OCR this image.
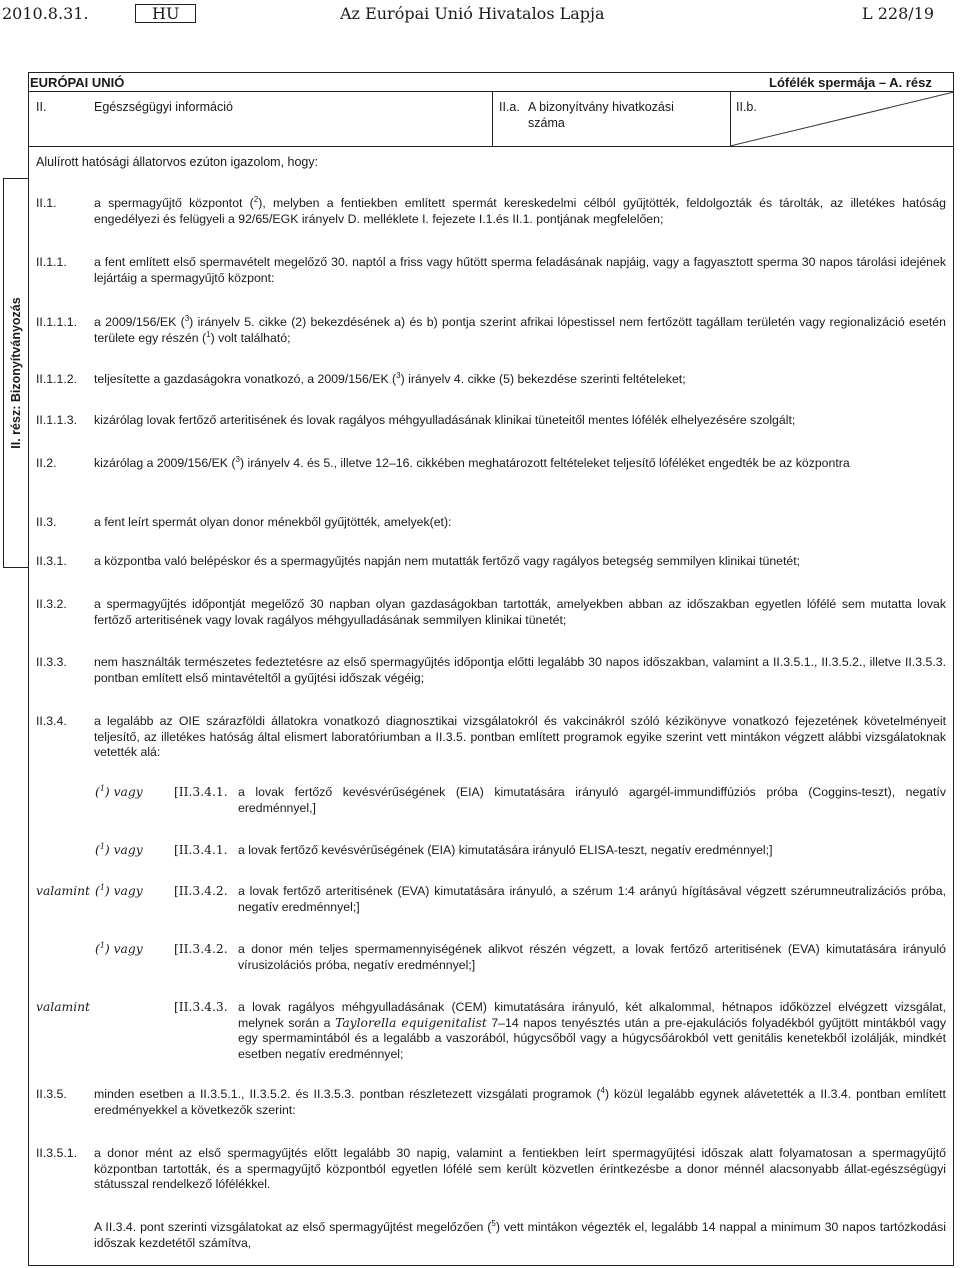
2010.8.31.	HU	Az Európai Unió Hivatalos Lapja	L 228/19
EURÓPAI UNIÓ	Lófélék spermája – A. rész
II.	Egészségügyi információ	II.a. A bizonyítvány hivatkozási
száma
II.b.
Alulírott hatósági állatorvos ezúton igazolom, hogy:
II. rész: Bizonyítványozás
II.1.	a spermagyűjtő központot ($^2$), melyben a fentiekben említett spermát kereskedelmi célból gyűjtötték, feldolgozták és tárolták, az illetékes hatóság engedélyezi és felügyeli a 92/65/EGK irányelv D. melléklete I. fejezete I.1.és II.1. pontjának megfelelően;
II.1.1. a fent említett első spermavételt megelőző 30. naptól a friss vagy hűtött sperma feladásának napjáig, vagy a fagyasztott sperma 30 napos tárolási idejének lejártáig a spermagyűjtő központ:
II.1.1.1. a 2009/156/EK ($^3$) irányelv 5. cikke (2) bekezdésének a) és b) pontja szerint afrikai lópestissel nem fertőzött tagállam területén vagy regionalizáció esetén területe egy részén ($^1$) volt található;
II.1.1.2. teljesítette a gazdaságokra vonatkozó, a 2009/156/EK ($^3$) irányelv 4. cikke (5) bekezdése szerinti feltételeket;
II.1.1.3. kizárólag lovak fertőző arteritisének és lovak ragályos méhgyulladásának klinikai tüneteitől mentes lófélék elhelyezésére szolgált;
II.2.	kizárólag a 2009/156/EK ($^3$) irányelv 4. és 5., illetve 12–16. cikkében meghatározott feltételeket teljesítő lóféléket engedték be az központra
II.3.	a fent leírt spermát olyan donor ménekből gyűjtötték, amelyek(et):
II.3.1. a központba való belépéskor és a spermagyűjtés napján nem mutatták fertőző vagy ragályos betegség semmilyen klinikai tünetét;
II.3.2. a spermagyűjtés időpontját megelőző 30 napban olyan gazdaságokban tartották, amelyekben abban az időszakban egyetlen lófélé sem mutatta lovak fertőző arteritisének vagy lovak ragályos méhgyulladásának semmilyen klinikai tünetét;
II.3.3. nem használták természetes fedeztetésre az első spermagyűjtés időpontja előtti legalább 30 napos időszakban, valamint a II.3.5.1., II.3.5.2., illetve II.3.5.3. pontban említett első mintavételtől a gyűjtési időszak végéig;
II.3.4. a legalább az OIE szárazföldi állatokra vonatkozó diagnosztikai vizsgálatokról és vakcinákról szóló kézikönyve vonatkozó fejezetének követelményeit teljesítő, az illetékes hatóság által elismert laboratóriumban a II.3.5. pontban említett programok egyike szerint vett mintákon végzett alábbi vizsgálatoknak vetették alá:
($^1$) vagy	[II.3.4.1. a lovak fertőző kevésvérűségének (EIA) kimutatására irányuló agargél-immundiffúziós próba (Coggins-teszt), negatív eredménnyel,]
($^1$) vagy	[II.3.4.1. a lovak fertőző kevésvérűségének (EIA) kimutatására irányuló ELISA-teszt, negatív eredménnyel;]
valamint ($^1$) vagy	[II.3.4.2. a lovak fertőző arteritisének (EVA) kimutatására irányuló, a szérum 1:4 arányú hígításával végzett szérumneutralizációs próba, negatív eredménnyel;]
($^1$) vagy	[II.3.4.2. a donor mén teljes spermamennyiségének alikvot részén végzett, a lovak fertőző arteritisének (EVA) kimutatására irányuló vírusizolációs próba, negatív eredménnyel;]
valamint	[II.3.4.3. a lovak ragályos méhgyulladásának (CEM) kimutatására irányuló, két alkalommal, hétnapos időközzel elvégzett vizsgálat, melynek során a Taylorella equigenitalist 7–14 napos tenyésztés után a pre-ejakulációs folyadékból gyűjtött mintákból vagy egy spermamintából és a legalább a vaszorából, húgycsőből vagy a húgycsőárokból vett genitális kenetekből izolálják, mindkét esetben negatív eredménnyel;
II.3.5. minden esetben a II.3.5.1., II.3.5.2. és II.3.5.3. pontban részletezett vizsgálati programok ($^4$) közül legalább egynek alávetették a II.3.4. pontban említett eredményekkel a következők szerint:
II.3.5.1. a donor mént az első spermagyűjtés előtt legalább 30 napig, valamint a fentiekben leírt spermagyűjtési időszak alatt folyamatosan a spermagyűjtő központban tartották, és a spermagyűjtő központból egyetlen lófélé sem került közvetlen érintkezésbe a donor ménnél alacsonyabb állat-egészségügyi státusszal rendelkező lófélékkel.
A II.3.4. pont szerinti vizsgálatokat az első spermagyűjtést megelőzően ($^5$) vett mintákon végezték el, legalább 14 nappal a minimum 30 napos tartózkodási időszak kezdetétől számítva,
